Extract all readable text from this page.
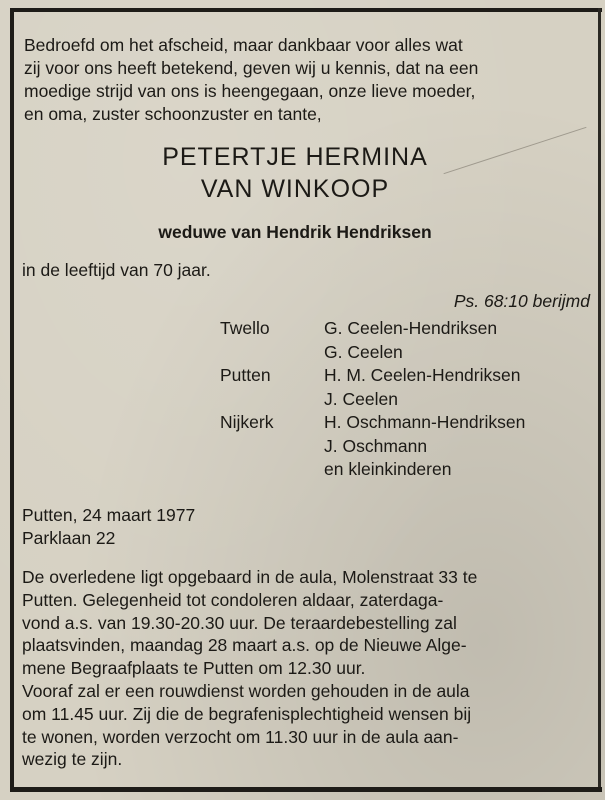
Bedroefd om het afscheid, maar dankbaar voor alles wat
zij voor ons heeft betekend, geven wij u kennis, dat na een
moedige strijd van ons is heengegaan, onze lieve moeder,
en oma, zuster schoonzuster en tante,
PETERTJE HERMINA
VAN WINKOOP
weduwe van Hendrik Hendriksen
in de leeftijd van 70 jaar.
Ps. 68:10 berijmd
Twello	G. Ceelen-Hendriksen
	G. Ceelen
Putten	H. M. Ceelen-Hendriksen
	J. Ceelen
Nijkerk	H. Oschmann-Hendriksen
	J. Oschmann
	en kleinkinderen
Putten, 24 maart 1977
Parklaan 22
De overledene ligt opgebaard in de aula, Molenstraat 33 te
Putten. Gelegenheid tot condoleren aldaar, zaterdaga-
vond a.s. van 19.30-20.30 uur. De teraardebestelling zal
plaatsvinden, maandag 28 maart a.s. op de Nieuwe Algе-
mene Begraafplaats te Putten om 12.30 uur.
Vooraf zal er een rouwdienst worden gehouden in de aula
om 11.45 uur. Zij die de begrafenisplechtigheid wensen bij
te wonen, worden verzocht om 11.30 uur in de aula aan-
wezig te zijn.
